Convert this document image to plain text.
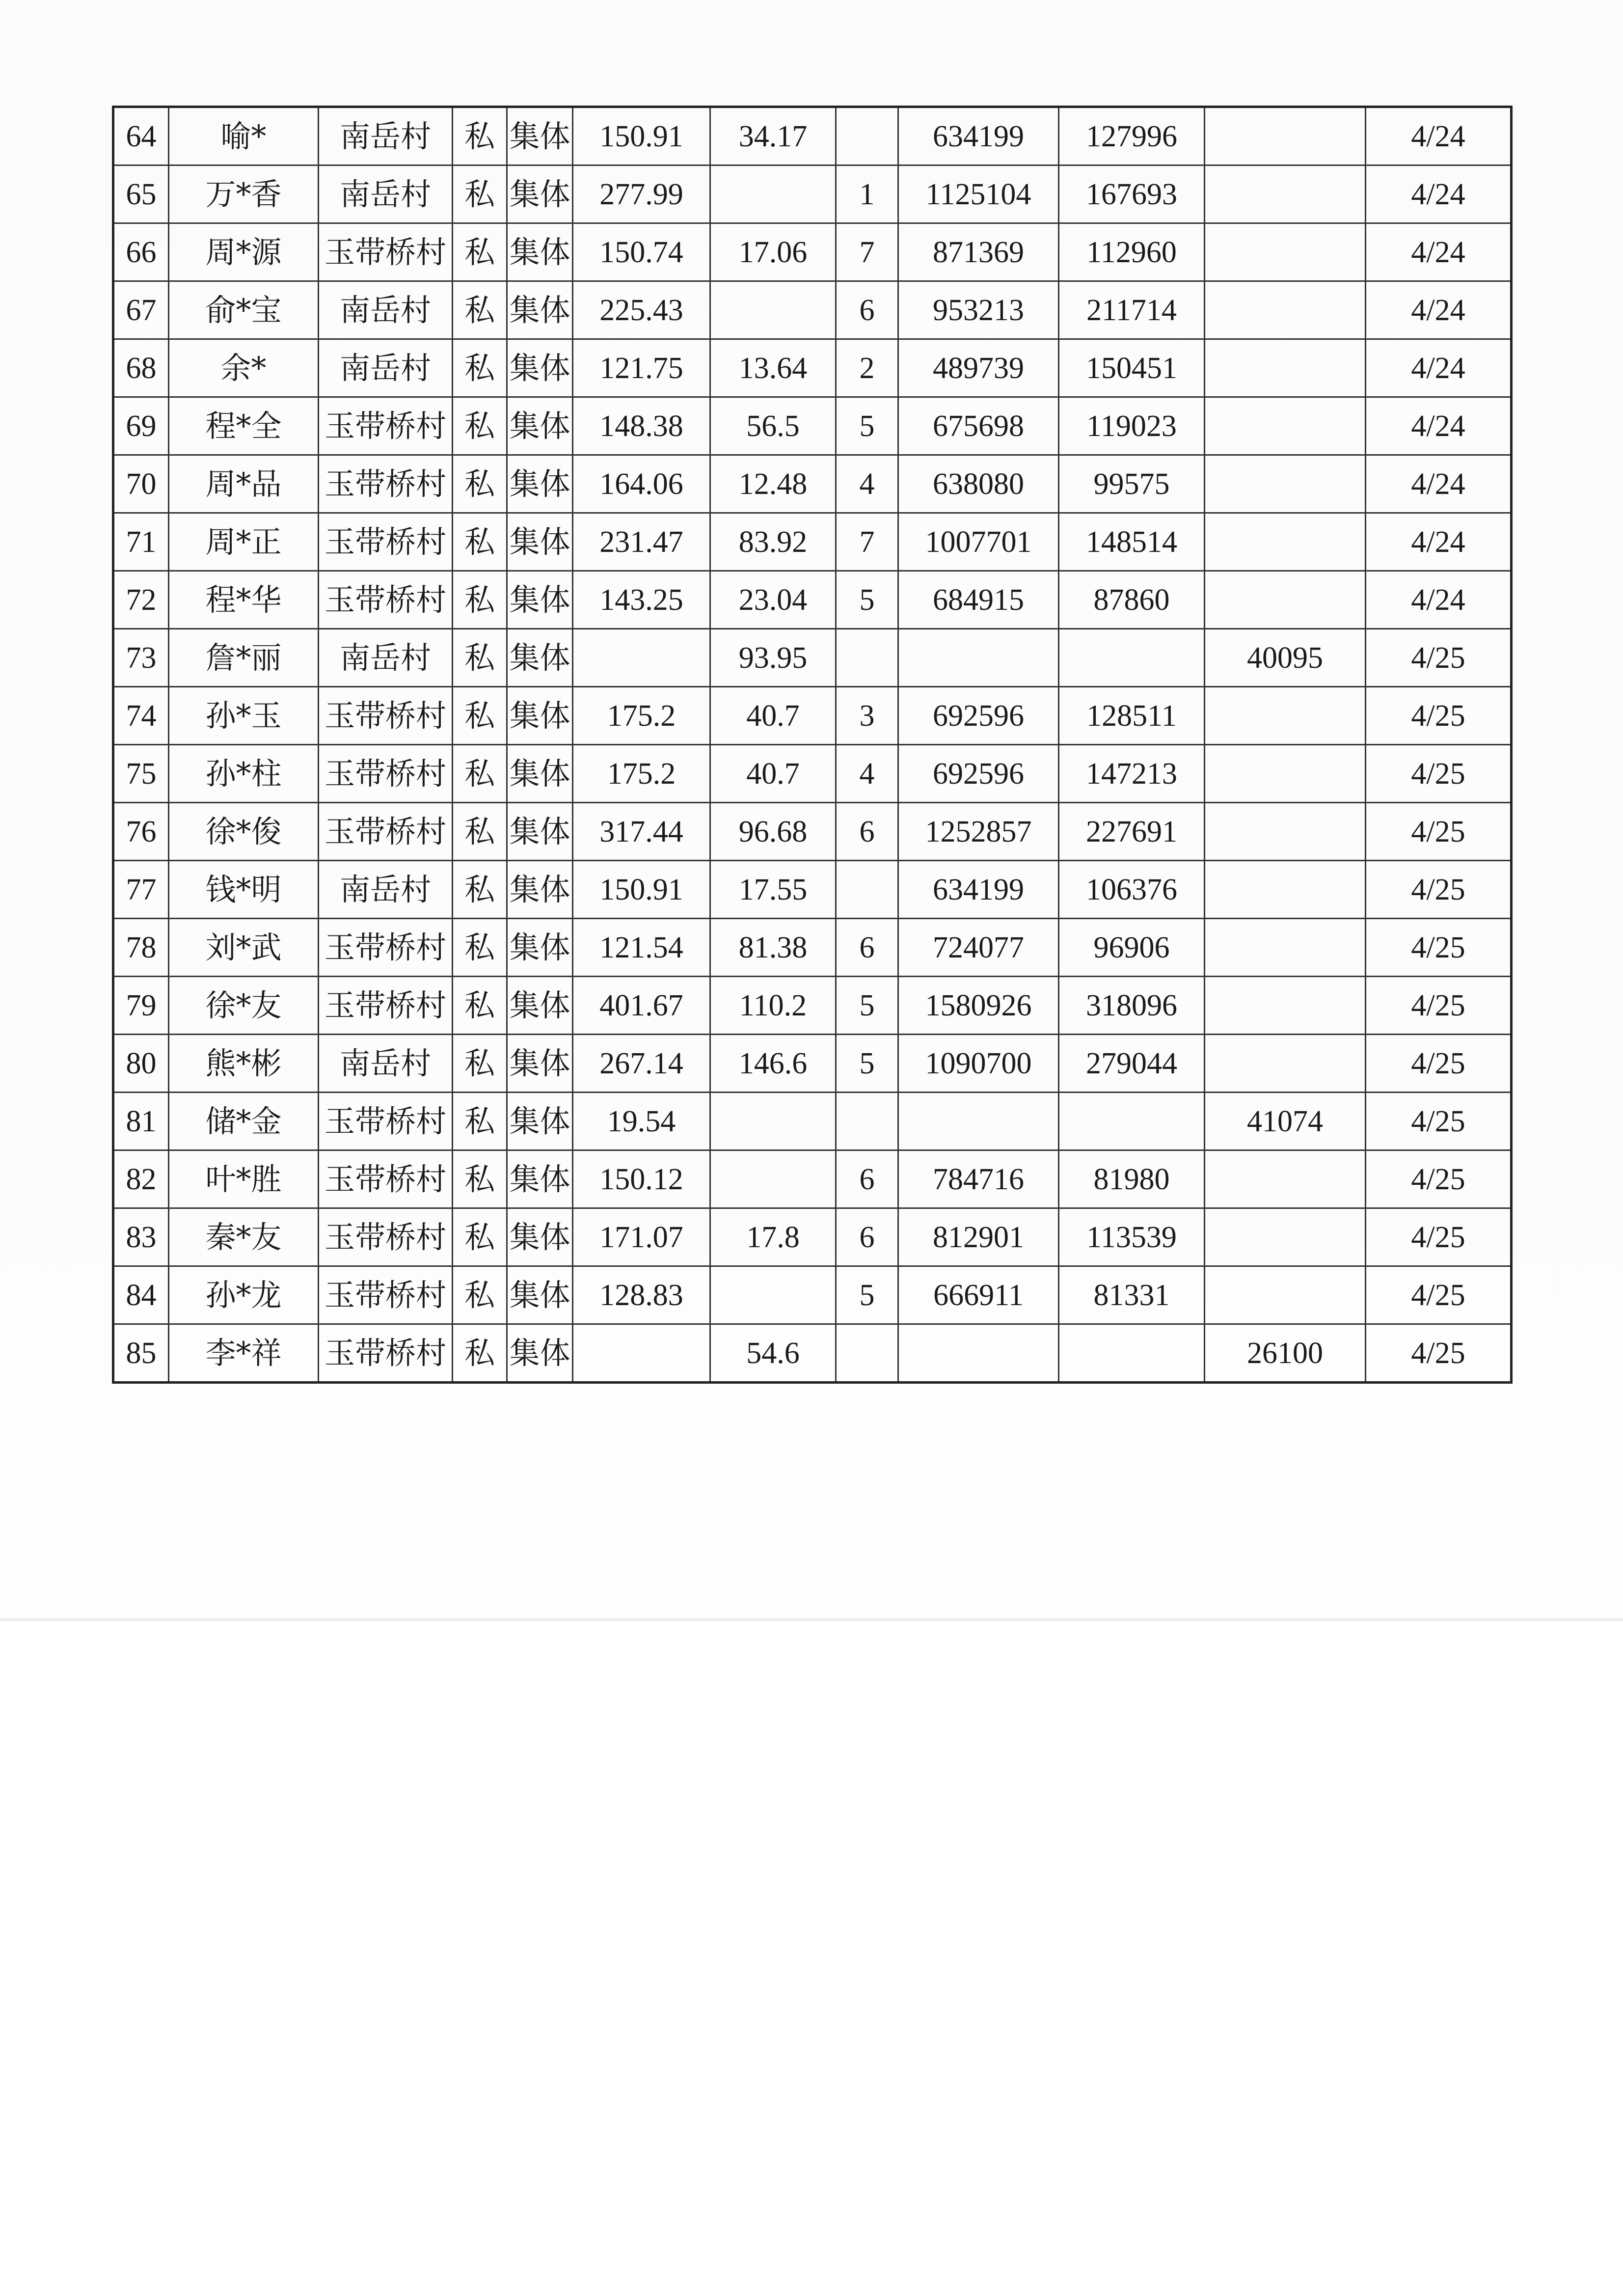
64	喻*	南岳村	私	集体	150.91	34.17		634199	127996		4/24
65	万*香	南岳村	私	集体	277.99		1	1125104	167693		4/24
66	周*源	玉带桥村	私	集体	150.74	17.06	7	871369	112960		4/24
67	俞*宝	南岳村	私	集体	225.43		6	953213	211714		4/24
68	余*	南岳村	私	集体	121.75	13.64	2	489739	150451		4/24
69	程*全	玉带桥村	私	集体	148.38	56.5	5	675698	119023		4/24
70	周*品	玉带桥村	私	集体	164.06	12.48	4	638080	99575		4/24
71	周*正	玉带桥村	私	集体	231.47	83.92	7	1007701	148514		4/24
72	程*华	玉带桥村	私	集体	143.25	23.04	5	684915	87860		4/24
73	詹*丽	南岳村	私	集体		93.95				40095	4/25
74	孙*玉	玉带桥村	私	集体	175.2	40.7	3	692596	128511		4/25
75	孙*柱	玉带桥村	私	集体	175.2	40.7	4	692596	147213		4/25
76	徐*俊	玉带桥村	私	集体	317.44	96.68	6	1252857	227691		4/25
77	钱*明	南岳村	私	集体	150.91	17.55		634199	106376		4/25
78	刘*武	玉带桥村	私	集体	121.54	81.38	6	724077	96906		4/25
79	徐*友	玉带桥村	私	集体	401.67	110.2	5	1580926	318096		4/25
80	熊*彬	南岳村	私	集体	267.14	146.6	5	1090700	279044		4/25
81	储*金	玉带桥村	私	集体	19.54					41074	4/25
82	叶*胜	玉带桥村	私	集体	150.12		6	784716	81980		4/25
83	秦*友	玉带桥村	私	集体	171.07	17.8	6	812901	113539		4/25
84	孙*龙	玉带桥村	私	集体	128.83		5	666911	81331		4/25
85	李*祥	玉带桥村	私	集体		54.6				26100	4/25
